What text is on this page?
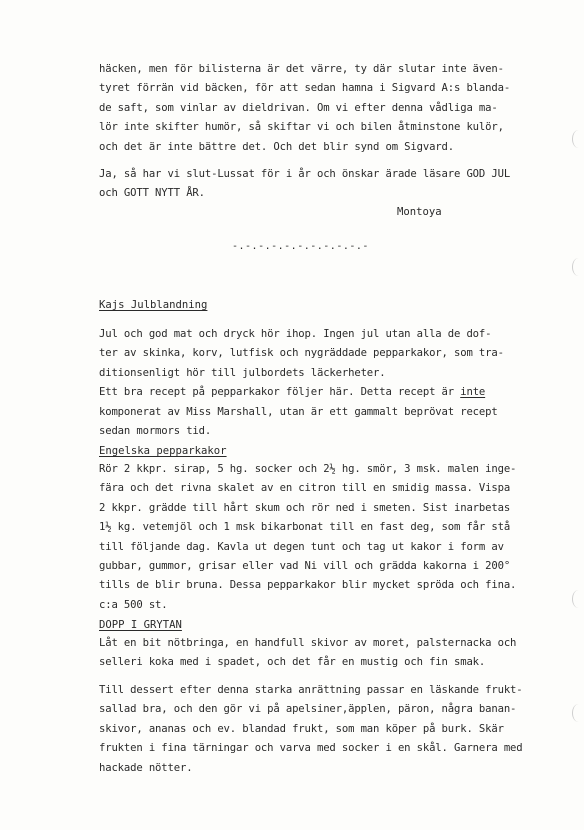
häcken, men för bilisterna är det värre, ty där slutar inte även-
tyret förrän vid bäcken, för att sedan hamna i Sigvard A:s blanda-
de saft, som vinlar av dieldrivan. Om vi efter denna vådliga ma-
lör inte skifter humör, så skiftar vi och bilen åtminstone kulör,
och det är inte bättre det. Och det blir synd om Sigvard.
Ja, så har vi slut-Lussat för i år och önskar ärade läsare GOD JUL
och GOTT NYTT ÅR.
Montoya
-.-.-.-.-.-.-.-.-.-.-
Kajs Julblandning
Jul och god mat och dryck hör ihop. Ingen jul utan alla de dof-
ter av skinka, korv, lutfisk och nygräddade pepparkakor, som tra-
ditionsenligt hör till julbordets läckerheter.
Ett bra recept på pepparkakor följer här. Detta recept är inte
komponerat av Miss Marshall, utan är ett gammalt beprövat recept
sedan mormors tid.
Engelska pepparkakor
Rör 2 kkpr. sirap, 5 hg. socker och 2½ hg. smör, 3 msk. malen inge-
fära och det rivna skalet av en citron till en smidig massa. Vispa
2 kkpr. grädde till hårt skum och rör ned i smeten. Sist inarbetas
1½ kg. vetemjöl och 1 msk bikarbonat till en fast deg, som får stå
till följande dag. Kavla ut degen tunt och tag ut kakor i form av
gubbar, gummor, grisar eller vad Ni vill och grädda kakorna i 200°
tills de blir bruna. Dessa pepparkakor blir mycket spröda och fina.
c:a 500 st.
DOPP I GRYTAN
Låt en bit nötbringa, en handfull skivor av moret, palsternacka och
selleri koka med i spadet, och det får en mustig och fin smak.
Till dessert efter denna starka anrättning passar en läskande frukt-
sallad bra, och den gör vi på apelsiner,äpplen, päron, några banan-
skivor, ananas och ev. blandad frukt, som man köper på burk. Skär
frukten i fina tärningar och varva med socker i en skål. Garnera med
hackade nötter.
